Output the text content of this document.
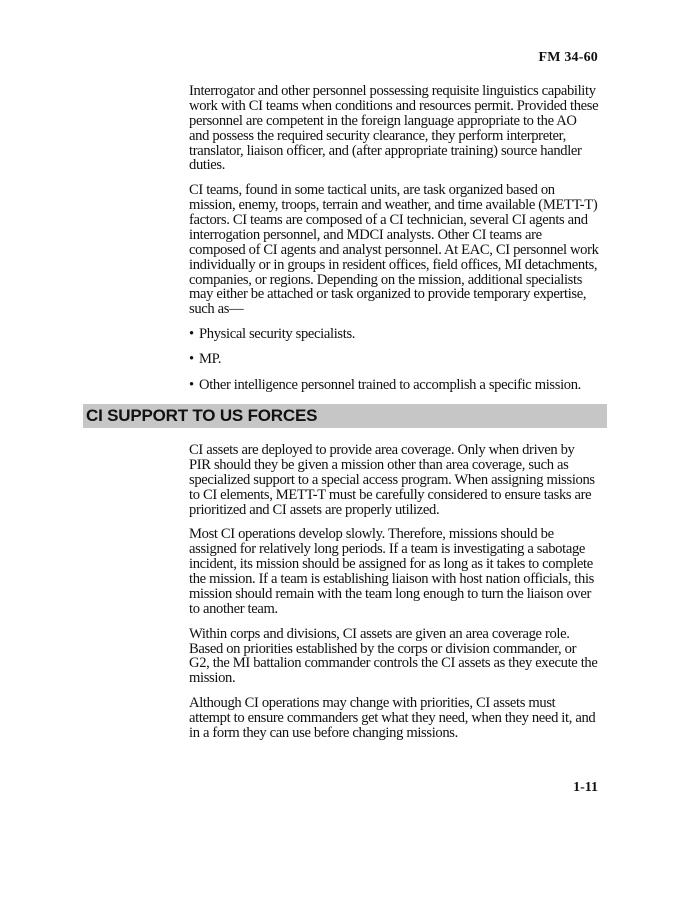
FM 34-60

Interrogator and other personnel possessing requisite linguistics capability work with CI teams when conditions and resources permit. Provided these personnel are competent in the foreign language appropriate to the AO and possess the required security clearance, they perform interpreter, translator, liaison officer, and (after appropriate training) source handler duties.

CI teams, found in some tactical units, are task organized based on mission, enemy, troops, terrain and weather, and time available (METT-T) factors. CI teams are composed of a CI technician, several CI agents and interrogation personnel, and MDCI analysts. Other CI teams are composed of CI agents and analyst personnel. At EAC, CI personnel work individually or in groups in resident offices, field offices, MI detachments, companies, or regions. Depending on the mission, additional specialists may either be attached or task organized to provide temporary expertise, such as—

• Physical security specialists.
• MP.
• Other intelligence personnel trained to accomplish a specific mission.
CI SUPPORT TO US FORCES

CI assets are deployed to provide area coverage. Only when driven by PIR should they be given a mission other than area coverage, such as specialized support to a special access program. When assigning missions to CI elements, METT-T must be carefully considered to ensure tasks are prioritized and CI assets are properly utilized.

Most CI operations develop slowly. Therefore, missions should be assigned for relatively long periods. If a team is investigating a sabotage incident, its mission should be assigned for as long as it takes to complete the mission. If a team is establishing liaison with host nation officials, this mission should remain with the team long enough to turn the liaison over to another team.

Within corps and divisions, CI assets are given an area coverage role. Based on priorities established by the corps or division commander, or G2, the MI battalion commander controls the CI assets as they execute the mission.

Although CI operations may change with priorities, CI assets must attempt to ensure commanders get what they need, when they need it, and in a form they can use before changing missions.

1-11
